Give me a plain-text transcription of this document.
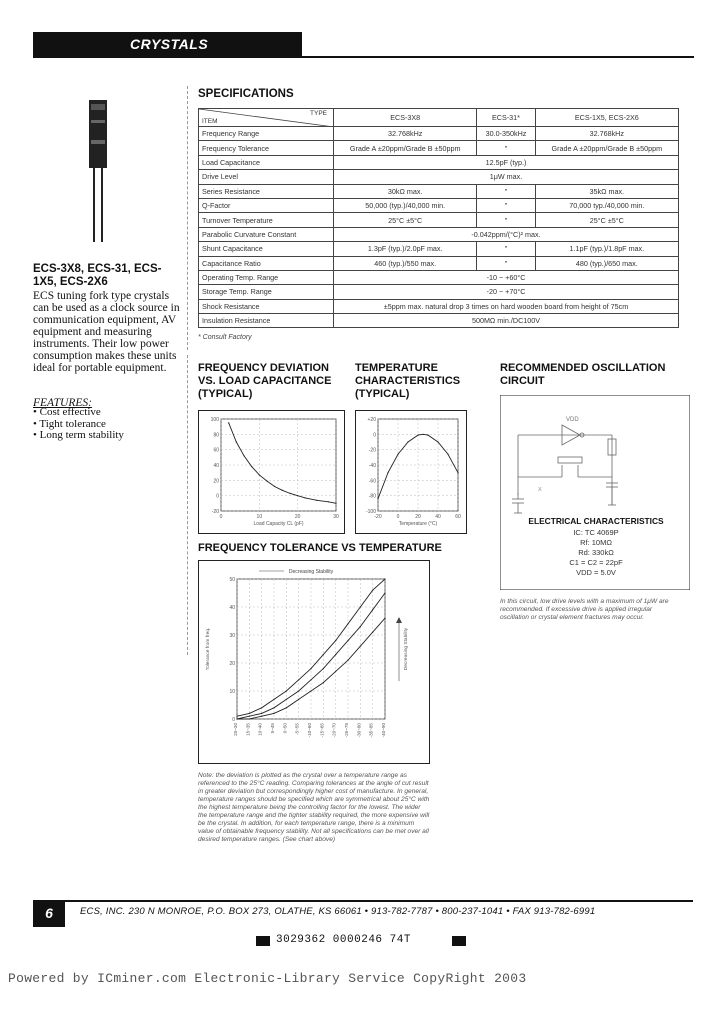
CRYSTALS
ECS-3X8, ECS-31, ECS-1X5, ECS-2X6
ECS tuning fork type crystals can be used as a clock source in communication equipment, AV equipment and measuring instruments. Their low power consumption makes these units ideal for portable equipment.
FEATURES:
• Cost effective
• Tight tolerance
• Long term stability
SPECIFICATIONS
TYPE
ITEM	ECS-3X8	ECS-31*	ECS-1X5, ECS-2X6
Frequency Range	32.768kHz	30.0-350kHz	32.768kHz
Frequency Tolerance	Grade A ±20ppm/Grade B ±50ppm	"	Grade A ±20ppm/Grade B ±50ppm
Load Capacitance	12.5pF (typ.)		
Drive Level	1μW max.		
Series Resistance	30kΩ max.	"	35kΩ max.
Q-Factor	50,000 (typ.)/40,000 min.	"	70,000 typ./40,000 min.
Turnover Temperature	25°C ±5°C	"	25°C ±5°C
Parabolic Curvature Constant	-0.042ppm/(°C)² max.		
Shunt Capacitance	1.3pF (typ.)/2.0pF max.	"	1.1pF (typ.)/1.8pF max.
Capacitance Ratio	460 (typ.)/550 max.	"	480 (typ.)/650 max.
Operating Temp. Range	-10 ~ +60°C		
Storage Temp. Range	-20 ~ +70°C		
Shock Resistance	±5ppm max. natural drop 3 times on hard wooden board from height of 75cm		
Insulation Resistance	500MΩ min./DC100V		
* Consult Factory
FREQUENCY DEVIATION VS. LOAD CAPACITANCE (TYPICAL)
TEMPERATURE CHARACTERISTICS (TYPICAL)
RECOMMENDED OSCILLATION CIRCUIT
FREQUENCY TOLERANCE VS TEMPERATURE
100
80
60
40
20
0
-20
0	10	20	30
Load Capacity CL (pF)
+20
0
-20
-40
-60
-80
-100
-20	0	20	40	60
Temperature (°C)
VDD
X
ELECTRICAL CHARACTERISTICS
IC: TC 4069P
Rf: 10MΩ
Rd: 330kΩ
C1 = C2 = 22pF
VDD = 5.0V
In this circuit, low drive levels with a maximum of 1μW are recommended. If excessive drive is applied irregular oscillation or crystal element fractures may occur.
50
40
30
20
10
0
20~30 15~35 10~40 5~45 0~50 -5~55 -10~60 -15~65 -20~70 -25~75 -30~80 -35~85 -40~90
Decreasing Stability
Tolerance from freq.	Decreasing Stability
Note: the deviation is plotted as the crystal over a temperature range as referenced to the 25°C reading. Comparing tolerances at the angle of cut result in greater deviation but correspondingly higher cost of manufacture. In general, temperature ranges should be specified which are symmetrical about 25°C with the highest temperature being the controlling factor for the lowest. The wider the temperature range and the tighter stability required, the more expensive will be the crystal. In addition, for each temperature range, there is a minimum value of obtainable frequency stability. Not all specifications can be met over all desired temperature ranges. (See chart above)
6	ECS, INC. 230 N MONROE, P.O. BOX 273, OLATHE, KS 66061 • 913-782-7787 • 800-237-1041 • FAX 913-782-6991
3029362 0000246 74T
Powered by ICminer.com Electronic-Library Service CopyRight 2003
